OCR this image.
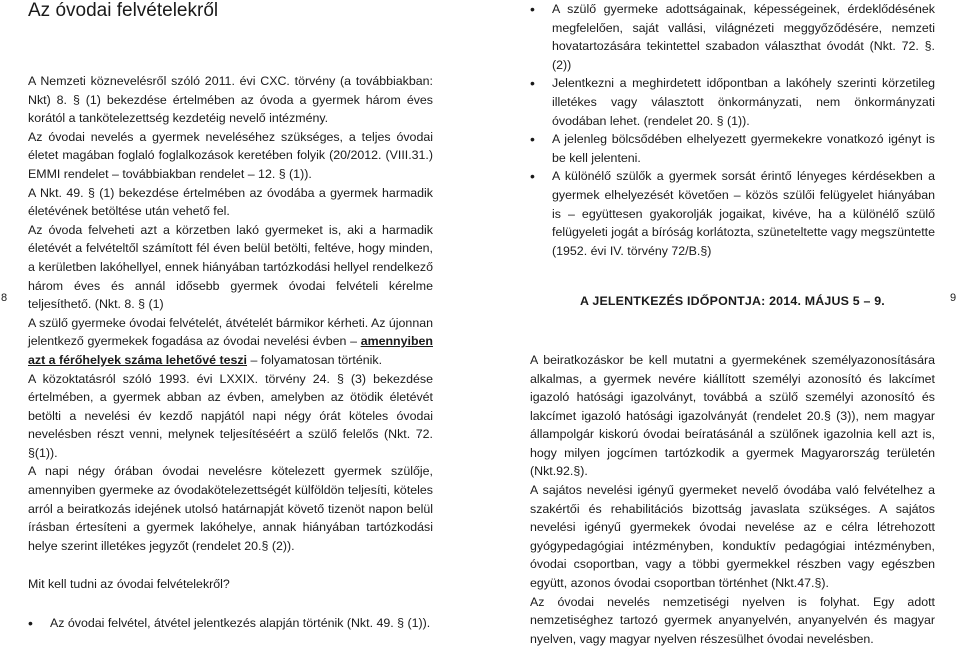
Az óvodai felvételekről

A Nemzeti köznevelésről szóló 2011. évi CXC. törvény (a továbbiakban: Nkt) 8. § (1) bekezdése értelmében az óvoda a gyermek három éves korától a tankötelezettség kezdetéig nevelő intézmény.

Az óvodai nevelés a gyermek neveléséhez szükséges, a teljes óvodai életet magában foglaló foglalkozások keretében folyik (20/2012. (VIII.31.) EMMI rendelet – továbbiakban rendelet – 12. § (1)).

A Nkt. 49. § (1) bekezdése értelmében az óvodába a gyermek harmadik életévének betöltése után vehető fel.

Az óvoda felveheti azt a körzetben lakó gyermeket is, aki a harmadik életévét a felvételtől számított fél éven belül betölti, feltéve, hogy minden, a kerületben lakóhellyel, ennek hiányában tartózkodási hellyel rendelkező három éves és annál idősebb gyermek óvodai felvételi kérelme teljesíthető. (Nkt. 8. § (1)

A szülő gyermeke óvodai felvételét, átvételét bármikor kérheti. Az újonnan jelentkező gyermekek fogadása az óvodai nevelési évben – amennyiben azt a férőhelyek száma lehetővé teszi – folyamatosan történik.

A közoktatásról szóló 1993. évi LXXIX. törvény 24. § (3) bekezdése értelmében, a gyermek abban az évben, amelyben az ötödik életévét betölti a nevelési év kezdő napjától napi négy órát köteles óvodai nevelésben részt venni, melynek teljesítéséért a szülő felelős (Nkt. 72. §(1)).

A napi négy órában óvodai nevelésre kötelezett gyermek szülője, amennyiben gyermeke az óvodakötelezettségét külföldön teljesíti, köteles arról a beiratkozás idejének utolsó határnapját követő tizenöt napon belül írásban értesíteni a gyermek lakóhelye, annak hiányában tartózkodási helye szerint illetékes jegyzőt (rendelet 20.§ (2)).

Mit kell tudni az óvodai felvételekről?

• Az óvodai felvétel, átvétel jelentkezés alapján történik (Nkt. 49. § (1)).
8
• A szülő gyermeke adottságainak, képességeinek, érdeklődésének megfelelően, saját vallási, világnézeti meggyőződésére, nemzeti hovatartozására tekintettel szabadon választhat óvodát (Nkt. 72. §. (2))
• Jelentkezni a meghirdetett időpontban a lakóhely szerinti körzetileg illetékes vagy választott önkormányzati, nem önkormányzati óvodában lehet. (rendelet 20. § (1)).
• A jelenleg bölcsődében elhelyezett gyermekekre vonatkozó igényt is be kell jelenteni.
• A különélő szülők a gyermek sorsát érintő lényeges kérdésekben a gyermek elhelyezését követően – közös szülői felügyelet hiányában is – együttesen gyakorolják jogaikat, kivéve, ha a különélő szülő felügyeleti jogát a bíróság korlátozta, szüneteltette vagy megszüntette (1952. évi IV. törvény 72/B.§)

A JELENTKEZÉS IDŐPONTJA: 2014. MÁJUS 5 – 9.

A beiratkozáskor be kell mutatni a gyermekének személyazonosítására alkalmas, a gyermek nevére kiállított személyi azonosító és lakcímet igazoló hatósági igazolványt, továbbá a szülő személyi azonosító és lakcímet igazoló hatósági igazolványát (rendelet 20.§ (3)), nem magyar állampolgár kiskorú óvodai beíratásánál a szülőnek igazolnia kell azt is, hogy milyen jogcímen tartózkodik a gyermek Magyarország területén (Nkt.92.§).

A sajátos nevelési igényű gyermeket nevelő óvodába való felvételhez a szakértői és rehabilitációs bizottság javaslata szükséges. A sajátos nevelési igényű gyermekek óvodai nevelése az e célra létrehozott gyógypedagógiai intézményben, konduktív pedagógiai intézményben, óvodai csoportban, vagy a többi gyermekkel részben vagy egészben együtt, azonos óvodai csoportban történhet (Nkt.47.§).

Az óvodai nevelés nemzetiségi nyelven is folyhat. Egy adott nemzetiséghez tartozó gyermek anyanyelvén, anyanyelvén és magyar nyelven, vagy magyar nyelven részesülhet óvodai nevelésben.

9
